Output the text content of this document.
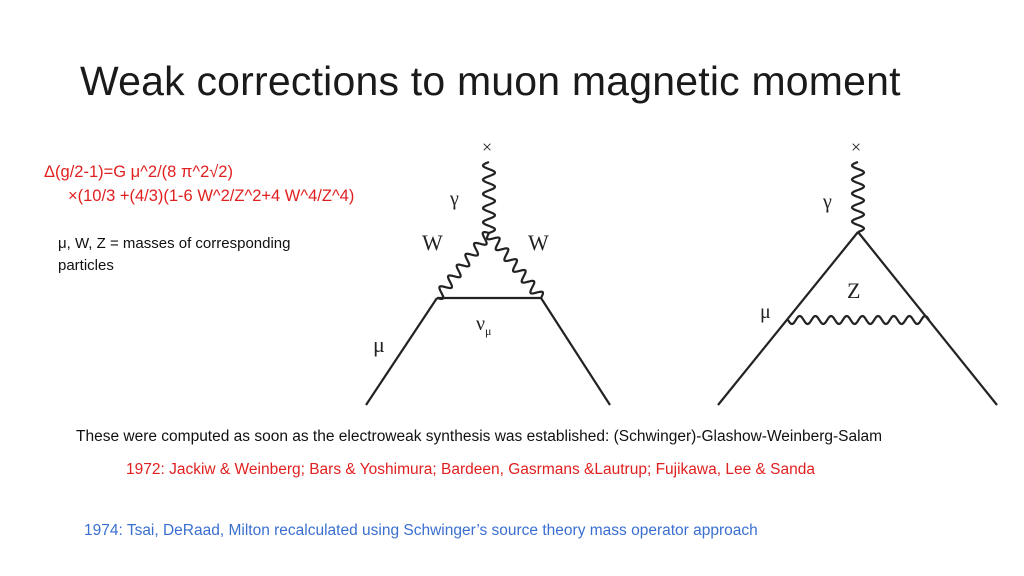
Weak corrections to muon magnetic moment
Δ(g/2-1)=G μ^2/(8 π^2√2)
×(10/3 +(4/3)(1-6 W^2/Z^2+4 W^4/Z^4)
μ, W, Z = masses of corresponding particles
×
γ
W	W
$\nu_\mu$
μ
×
γ
Z
μ
These were computed as soon as the electroweak synthesis was established: (Schwinger)-Glashow-Weinberg-Salam
1972: Jackiw & Weinberg; Bars & Yoshimura; Bardeen, Gasrmans &Lautrup; Fujikawa, Lee & Sanda
1974: Tsai, DeRaad, Milton recalculated using Schwinger’s source theory mass operator approach
